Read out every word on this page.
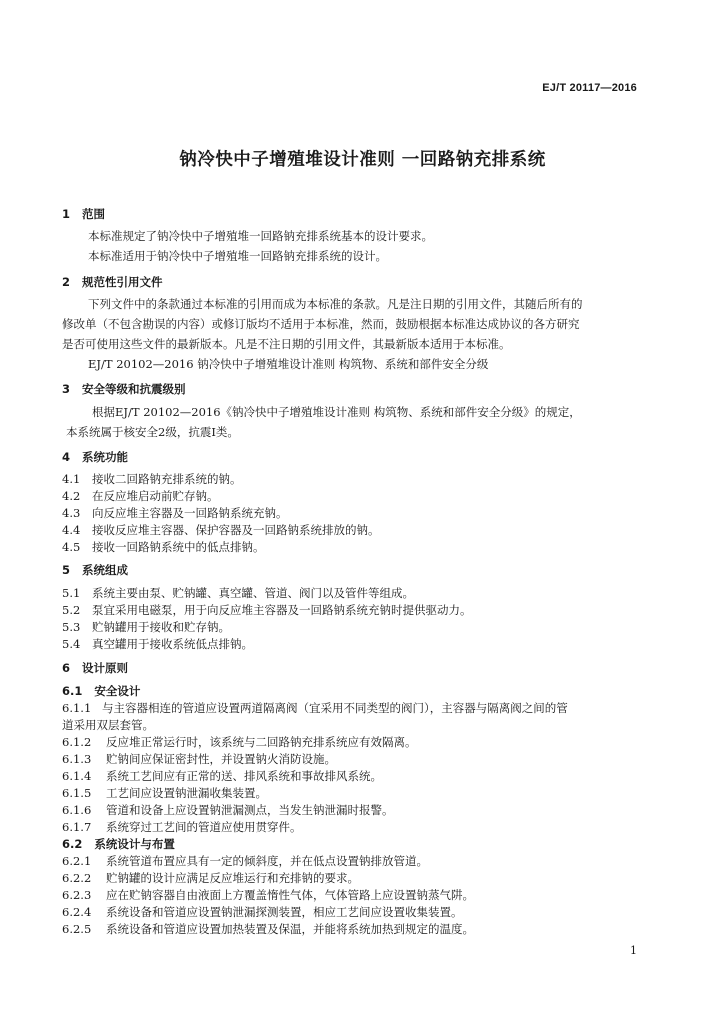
EJ/T 20117—2016
钠冷快中子增殖堆设计准则 一回路钠充排系统
1 范围
本标准规定了钠冷快中子增殖堆一回路钠充排系统基本的设计要求。
本标准适用于钠冷快中子增殖堆一回路钠充排系统的设计。
2 规范性引用文件
下列文件中的条款通过本标准的引用而成为本标准的条款。凡是注日期的引用文件，其随后所有的
修改单（不包含勘误的内容）或修订版均不适用于本标准，然而，鼓励根据本标准达成协议的各方研究
是否可使用这些文件的最新版本。凡是不注日期的引用文件，其最新版本适用于本标准。
EJ/T 20102—2016 钠冷快中子增殖堆设计准则 构筑物、系统和部件安全分级
3 安全等级和抗震级别
根据EJ/T 20102—2016《钠冷快中子增殖堆设计准则 构筑物、系统和部件安全分级》的规定，
本系统属于核安全2级，抗震I类。
4 系统功能
4.1 接收二回路钠充排系统的钠。
4.2 在反应堆启动前贮存钠。
4.3 向反应堆主容器及一回路钠系统充钠。
4.4 接收反应堆主容器、保护容器及一回路钠系统排放的钠。
4.5 接收一回路钠系统中的低点排钠。
5 系统组成
5.1 系统主要由泵、贮钠罐、真空罐、管道、阀门以及管件等组成。
5.2 泵宜采用电磁泵，用于向反应堆主容器及一回路钠系统充钠时提供驱动力。
5.3 贮钠罐用于接收和贮存钠。
5.4 真空罐用于接收系统低点排钠。
6 设计原则
6.1 安全设计
6.1.1 与主容器相连的管道应设置两道隔离阀（宜采用不同类型的阀门），主容器与隔离阀之间的管
道采用双层套管。
6.1.2 反应堆正常运行时，该系统与二回路钠充排系统应有效隔离。
6.1.3 贮钠间应保证密封性，并设置钠火消防设施。
6.1.4 系统工艺间应有正常的送、排风系统和事故排风系统。
6.1.5 工艺间应设置钠泄漏收集装置。
6.1.6 管道和设备上应设置钠泄漏测点，当发生钠泄漏时报警。
6.1.7 系统穿过工艺间的管道应使用贯穿件。
6.2 系统设计与布置
6.2.1 系统管道布置应具有一定的倾斜度，并在低点设置钠排放管道。
6.2.2 贮钠罐的设计应满足反应堆运行和充排钠的要求。
6.2.3 应在贮钠容器自由液面上方覆盖惰性气体，气体管路上应设置钠蒸气阱。
6.2.4 系统设备和管道应设置钠泄漏探测装置，相应工艺间应设置收集装置。
6.2.5 系统设备和管道应设置加热装置及保温，并能将系统加热到规定的温度。
1
